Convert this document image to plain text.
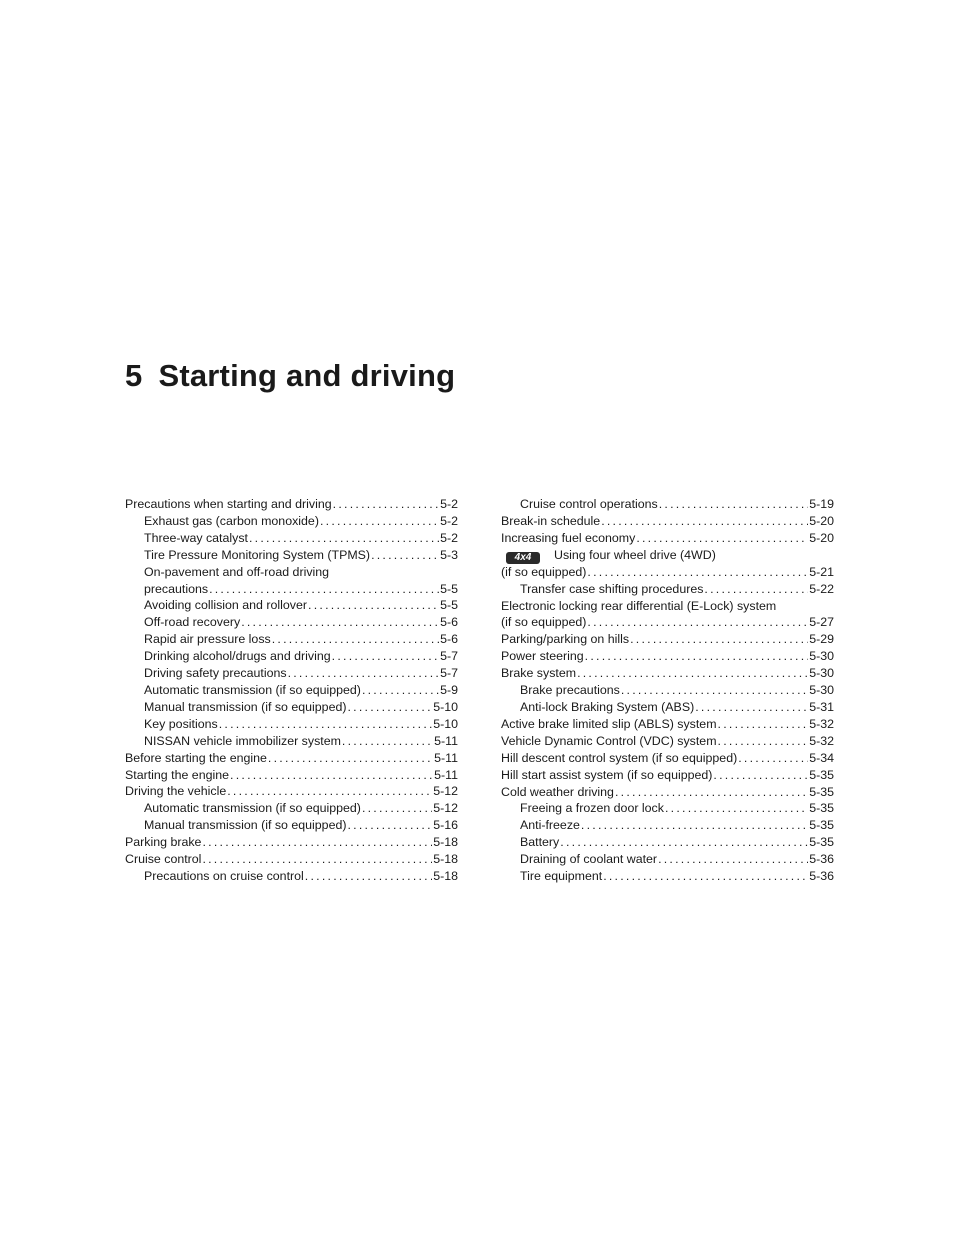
5 Starting and driving
Precautions when starting and driving . . .	5-2
Exhaust gas (carbon monoxide) . . .	5-2
Three-way catalyst . . .	5-2
Tire Pressure Monitoring System (TPMS) . . .	5-3
On-pavement and off-road driving
precautions . . .	5-5
Avoiding collision and rollover . . .	5-5
Off-road recovery . . .	5-6
Rapid air pressure loss . . .	5-6
Drinking alcohol/drugs and driving . . .	5-7
Driving safety precautions . . .	5-7
Automatic transmission (if so equipped) . . .	5-9
Manual transmission (if so equipped) . . .	5-10
Key positions . . .	5-10
NISSAN vehicle immobilizer system . . .	5-11
Before starting the engine . . .	5-11
Starting the engine . . .	5-11
Driving the vehicle . . .	5-12
Automatic transmission (if so equipped) . . .	5-12
Manual transmission (if so equipped) . . .	5-16
Parking brake . . .	5-18
Cruise control . . .	5-18
Precautions on cruise control . . .	5-18
Cruise control operations . . .	5-19
Break-in schedule . . .	5-20
Increasing fuel economy . . .	5-20
4x4 Using four wheel drive (4WD)
(if so equipped) . . .	5-21
Transfer case shifting procedures . . .	5-22
Electronic locking rear differential (E-Lock) system
(if so equipped) . . .	5-27
Parking/parking on hills . . .	5-29
Power steering . . .	5-30
Brake system . . .	5-30
Brake precautions . . .	5-30
Anti-lock Braking System (ABS) . . .	5-31
Active brake limited slip (ABLS) system . . .	5-32
Vehicle Dynamic Control (VDC) system . . .	5-32
Hill descent control system (if so equipped) . . .	5-34
Hill start assist system (if so equipped) . . .	5-35
Cold weather driving . . .	5-35
Freeing a frozen door lock . . .	5-35
Anti-freeze . . .	5-35
Battery . . .	5-35
Draining of coolant water . . .	5-36
Tire equipment . . .	5-36
